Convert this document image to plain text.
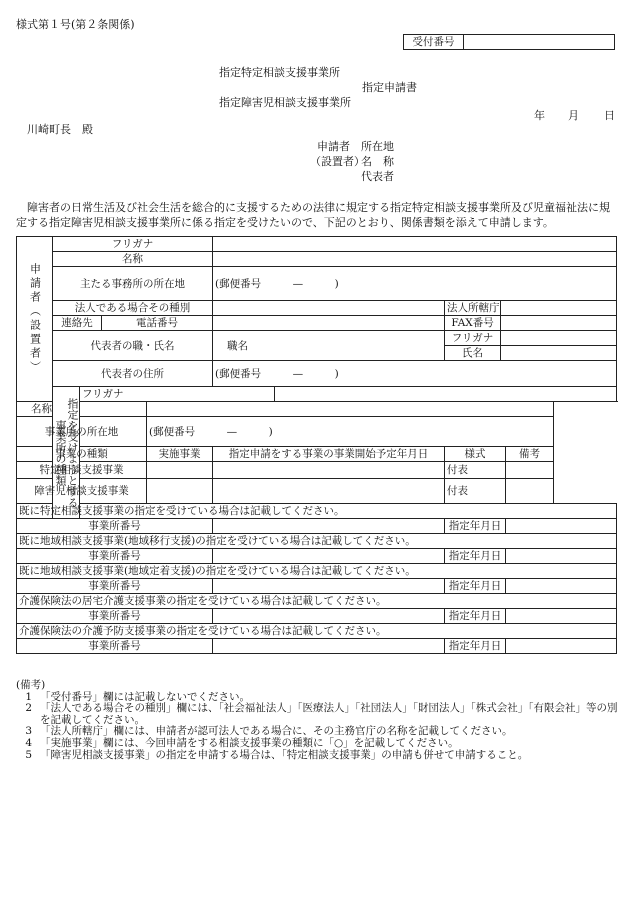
様式第１号(第２条関係)
受付番号	
指定特定相談支援事業所
指定申請書
指定障害児相談支援事業所
年 月 日
川崎町長　殿
申請者 所在地
（設置者）
名　称
代表者
障害者の日常生活及び社会生活を総合的に支援するための法律に規定する指定特定相談支援事業所及び児童福祉法に規定する指定障害児相談支援事業所に係る指定を受けたいので、下記のとおり、関係書類を添えて申請します。
申請者（設置者）	フリガナ								
	名称								
	主たる事務所の所在地				(郵便番号　　　—　　　)				
	法人である場合その種別						法人所轄庁		
	連絡先		電話番号				FAX番号		
	代表者の職・氏名				職名		フリガナ		
							氏名		
	代表者の住所				(郵便番号　　　—　　　)				

	指定を受けようとする事業所の種類	フリガナ							
名称									
事業所の所在地				(郵便番号　　　—　　　)					
事業の種類				実施事業	指定申請をする事業の事業開始予定年月日		様式		備考
特定相談支援事業							付表		
障害児相談支援事業							付表		
既に特定相談支援事業の指定を受けている場合は記載してください。									
事業所番号							指定年月日		
既に地域相談支援事業(地域移行支援)の指定を受けている場合は記載してください。									
事業所番号							指定年月日		
既に地域相談支援事業(地域定着支援)の指定を受けている場合は記載してください。									
事業所番号							指定年月日		
介護保険法の居宅介護支援事業の指定を受けている場合は記載してください。									
事業所番号							指定年月日		
介護保険法の介護予防支援事業の指定を受けている場合は記載してください。									
事業所番号							指定年月日		
(備考)
1 「受付番号」欄には記載しないでください。
2 「法人である場合その種別」欄には、「社会福祉法人」「医療法人」「社団法人」「財団法人」「株式会社」「有限会社」等の別を記載してください。
3 「法人所轄庁」欄には、申請者が認可法人である場合に、その主務官庁の名称を記載してください。
4 「実施事業」欄には、今回申請をする相談支援事業の種類に「○」を記載してください。
5 「障害児相談支援事業」の指定を申請する場合は、「特定相談支援事業」の申請も併せて申請すること。
